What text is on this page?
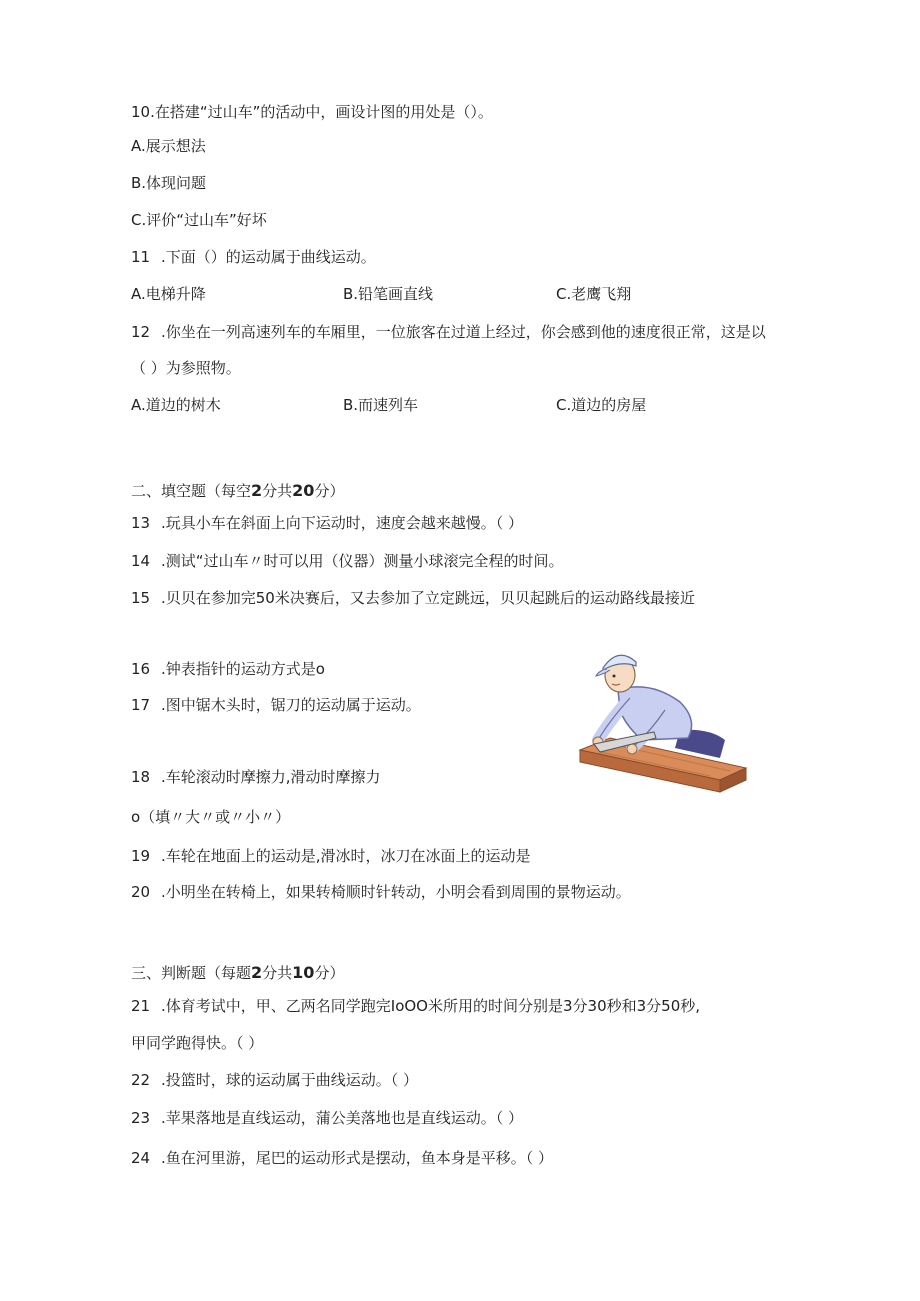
10.在搭建“过山车”的活动中，画设计图的用处是（）。
A.展示想法
B.体现问题
C.评价“过山车”好坏
11 .下面（）的运动属于曲线运动。
A.电梯升降	B.铅笔画直线	C.老鹰飞翔
12 .你坐在一列高速列车的车厢里，一位旅客在过道上经过，你会感到他的速度很正常，这是以
（ ）为参照物。
A.道边的树木	B.而速列车	C.道边的房屋
二、填空题（每空2分共20分）
13 .玩具小车在斜面上向下运动时，速度会越来越慢。（ ）
14 .测试“过山车〃时可以用（仪器）测量小球滚完全程的时间。
15 .贝贝在参加完50米决赛后，又去参加了立定跳远，贝贝起跳后的运动路线最接近
16 .钟表指针的运动方式是o
17 .图中锯木头时，锯刀的运动属于运动。
18 .车轮滚动时摩擦力,滑动时摩擦力
o（填〃大〃或〃小〃）
19 .车轮在地面上的运动是,滑冰时，冰刀在冰面上的运动是
20 .小明坐在转椅上，如果转椅顺时针转动，小明会看到周围的景物运动。
三、判断题（每题2分共10分）
21 .体育考试中，甲、乙两名同学跑完IoOO米所用的时间分别是3分30秒和3分50秒,
甲同学跑得快。（ ）
22 .投篮时，球的运动属于曲线运动。（ ）
23 .苹果落地是直线运动，蒲公美落地也是直线运动。（ ）
24 .鱼在河里游，尾巴的运动形式是摆动，鱼本身是平移。（ ）
